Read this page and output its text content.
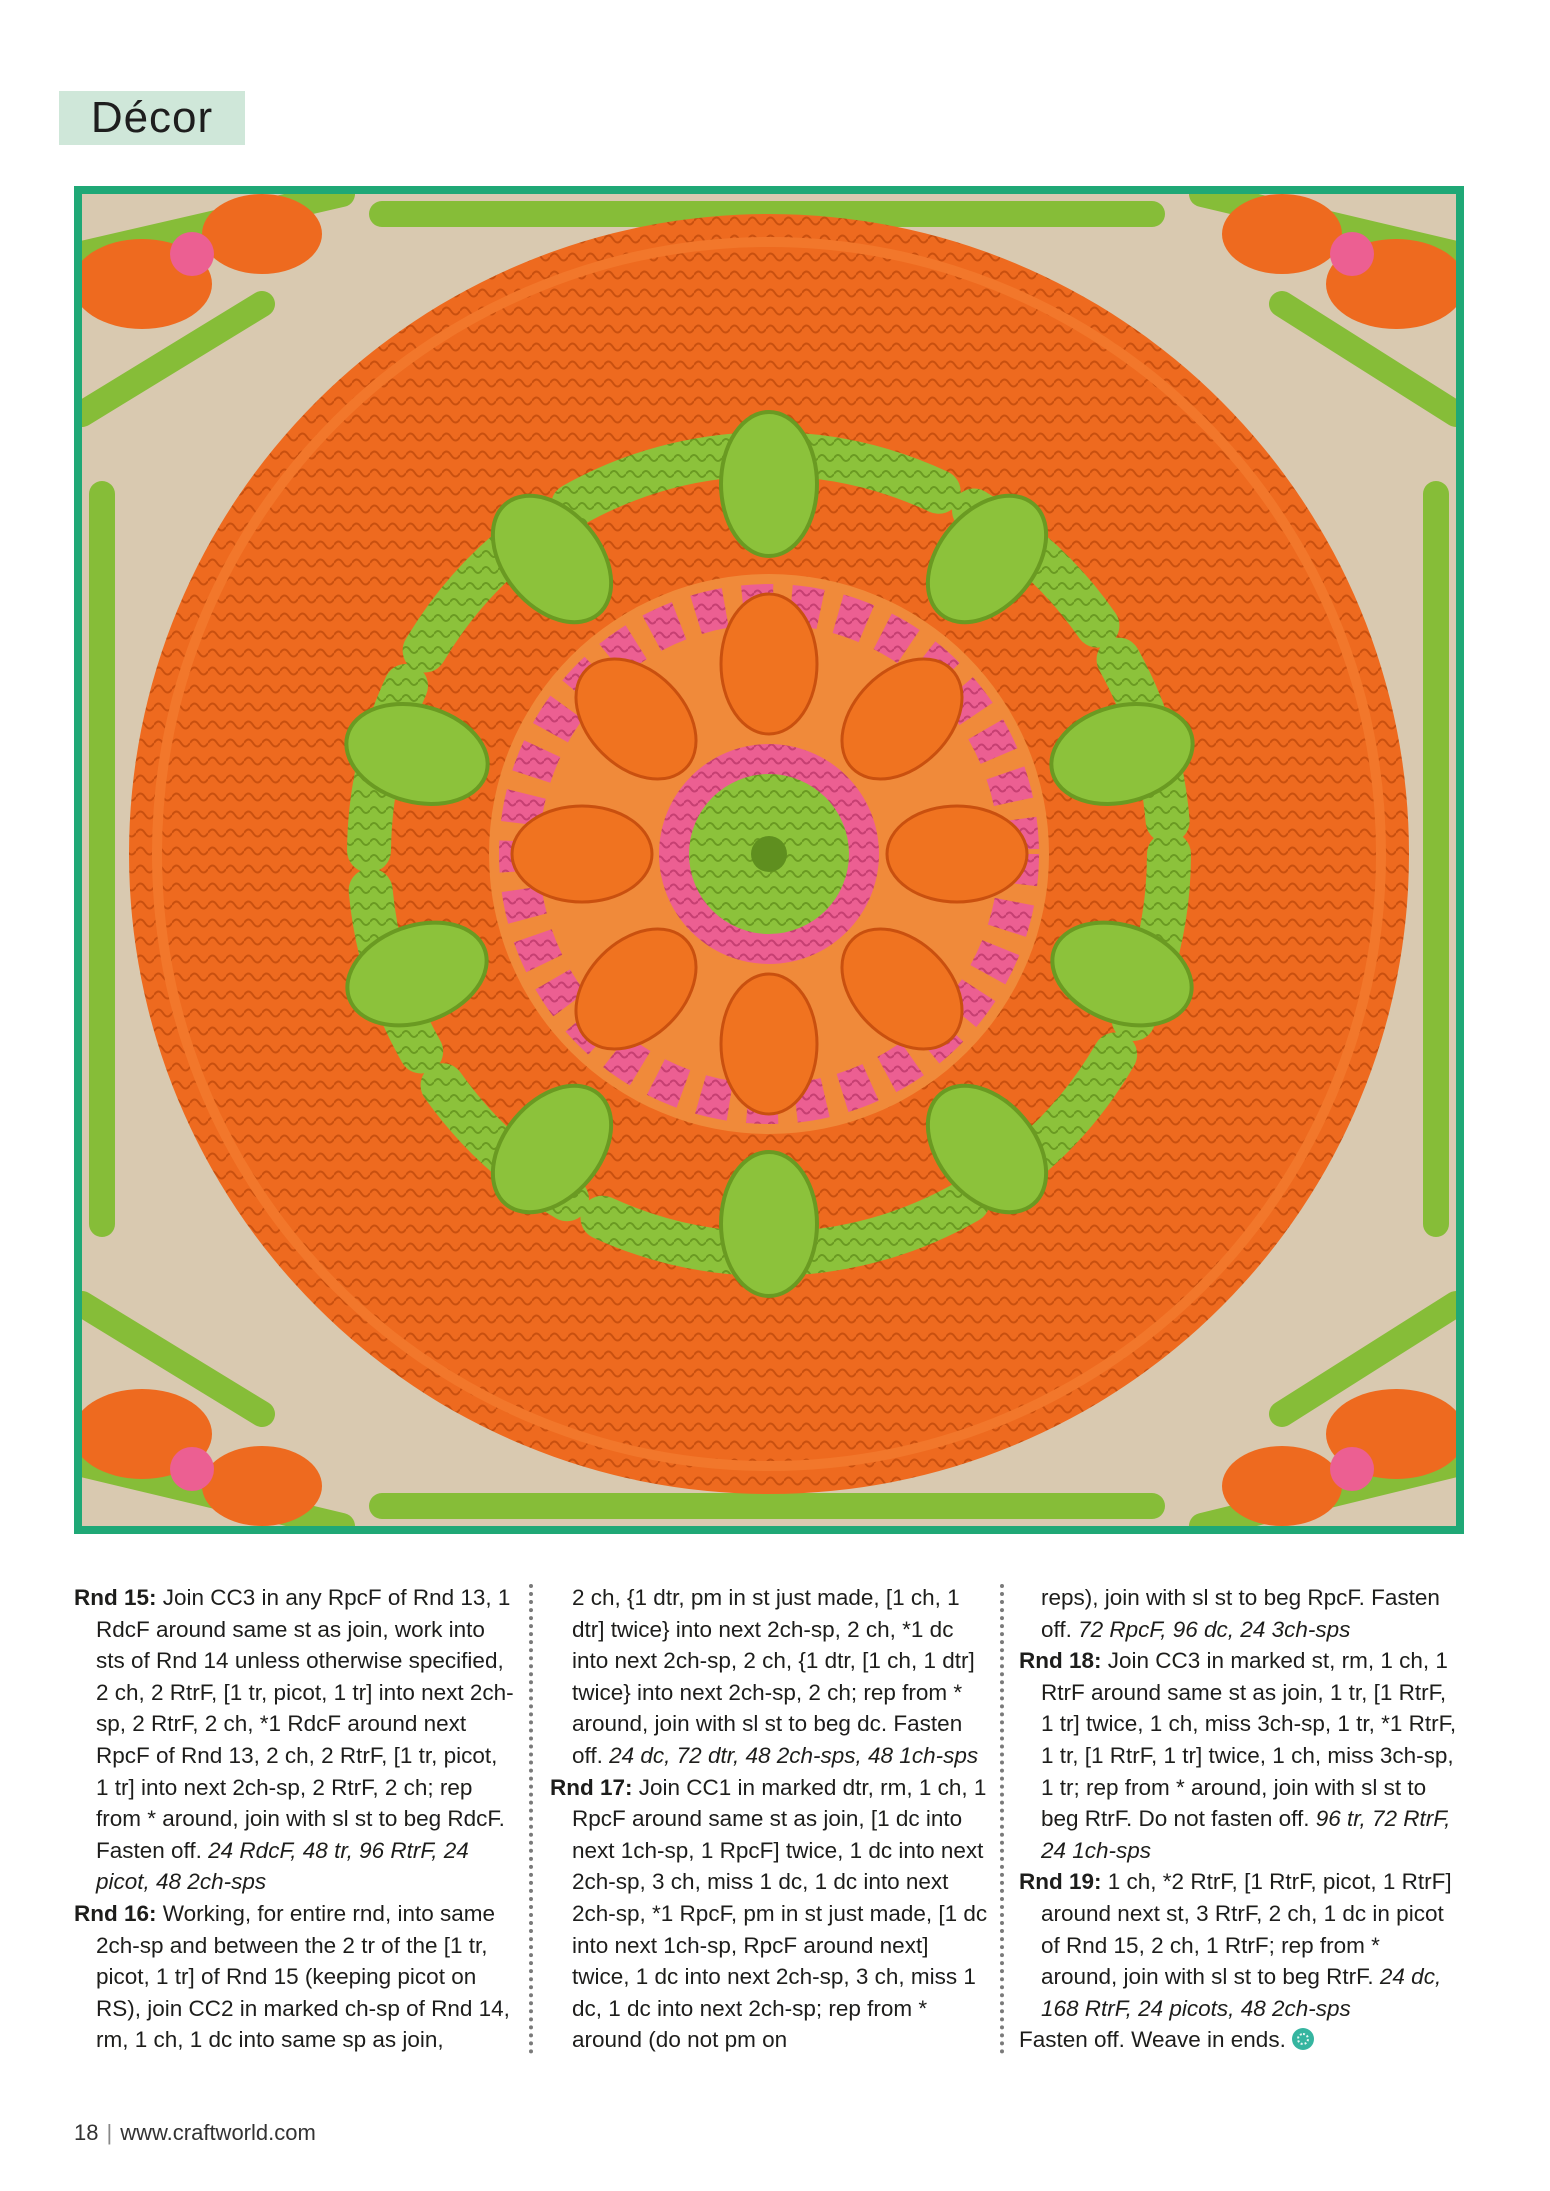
Décor

Rnd 15: Join CC3 in any RpcF of Rnd 13, 1 RdcF around same st as join, work into sts of Rnd 14 unless otherwise specified, 2 ch, 2 RtrF, [1 tr, picot, 1 tr] into next 2ch-sp, 2 RtrF, 2 ch, *1 RdcF around next RpcF of Rnd 13, 2 ch, 2 RtrF, [1 tr, picot, 1 tr] into next 2ch-sp, 2 RtrF, 2 ch; rep from * around, join with sl st to beg RdcF. Fasten off. 24 RdcF, 48 tr, 96 RtrF, 24 picot, 48 2ch-sps

Rnd 16: Working, for entire rnd, into same 2ch-sp and between the 2 tr of the [1 tr, picot, 1 tr] of Rnd 15 (keeping picot on RS), join CC2 in marked ch-sp of Rnd 14, rm, 1 ch, 1 dc into same sp as join,

2 ch, {1 dtr, pm in st just made, [1 ch, 1 dtr] twice} into next 2ch-sp, 2 ch, *1 dc into next 2ch-sp, 2 ch, {1 dtr, [1 ch, 1 dtr] twice} into next 2ch-sp, 2 ch; rep from * around, join with sl st to beg dc. Fasten off. 24 dc, 72 dtr, 48 2ch-sps, 48 1ch-sps

Rnd 17: Join CC1 in marked dtr, rm, 1 ch, 1 RpcF around same st as join, [1 dc into next 1ch-sp, 1 RpcF] twice, 1 dc into next 2ch-sp, 3 ch, miss 1 dc, 1 dc into next 2ch-sp, *1 RpcF, pm in st just made, [1 dc into next 1ch-sp, RpcF around next] twice, 1 dc into next 2ch-sp, 3 ch, miss 1 dc, 1 dc into next 2ch-sp; rep from * around (do not pm on

reps), join with sl st to beg RpcF. Fasten off. 72 RpcF, 96 dc, 24 3ch-sps

Rnd 18: Join CC3 in marked st, rm, 1 ch, 1 RtrF around same st as join, 1 tr, [1 RtrF, 1 tr] twice, 1 ch, miss 3ch-sp, 1 tr, *1 RtrF, 1 tr, [1 RtrF, 1 tr] twice, 1 ch, miss 3ch-sp, 1 tr; rep from * around, join with sl st to beg RtrF. Do not fasten off. 96 tr, 72 RtrF, 24 1ch-sps

Rnd 19: 1 ch, *2 RtrF, [1 RtrF, picot, 1 RtrF] around next st, 3 RtrF, 2 ch, 1 dc in picot of Rnd 15, 2 ch, 1 RtrF; rep from * around, join with sl st to beg RtrF. 24 dc, 168 RtrF, 24 picots, 48 2ch-sps

Fasten off. Weave in ends.

18 | www.craftworld.com
